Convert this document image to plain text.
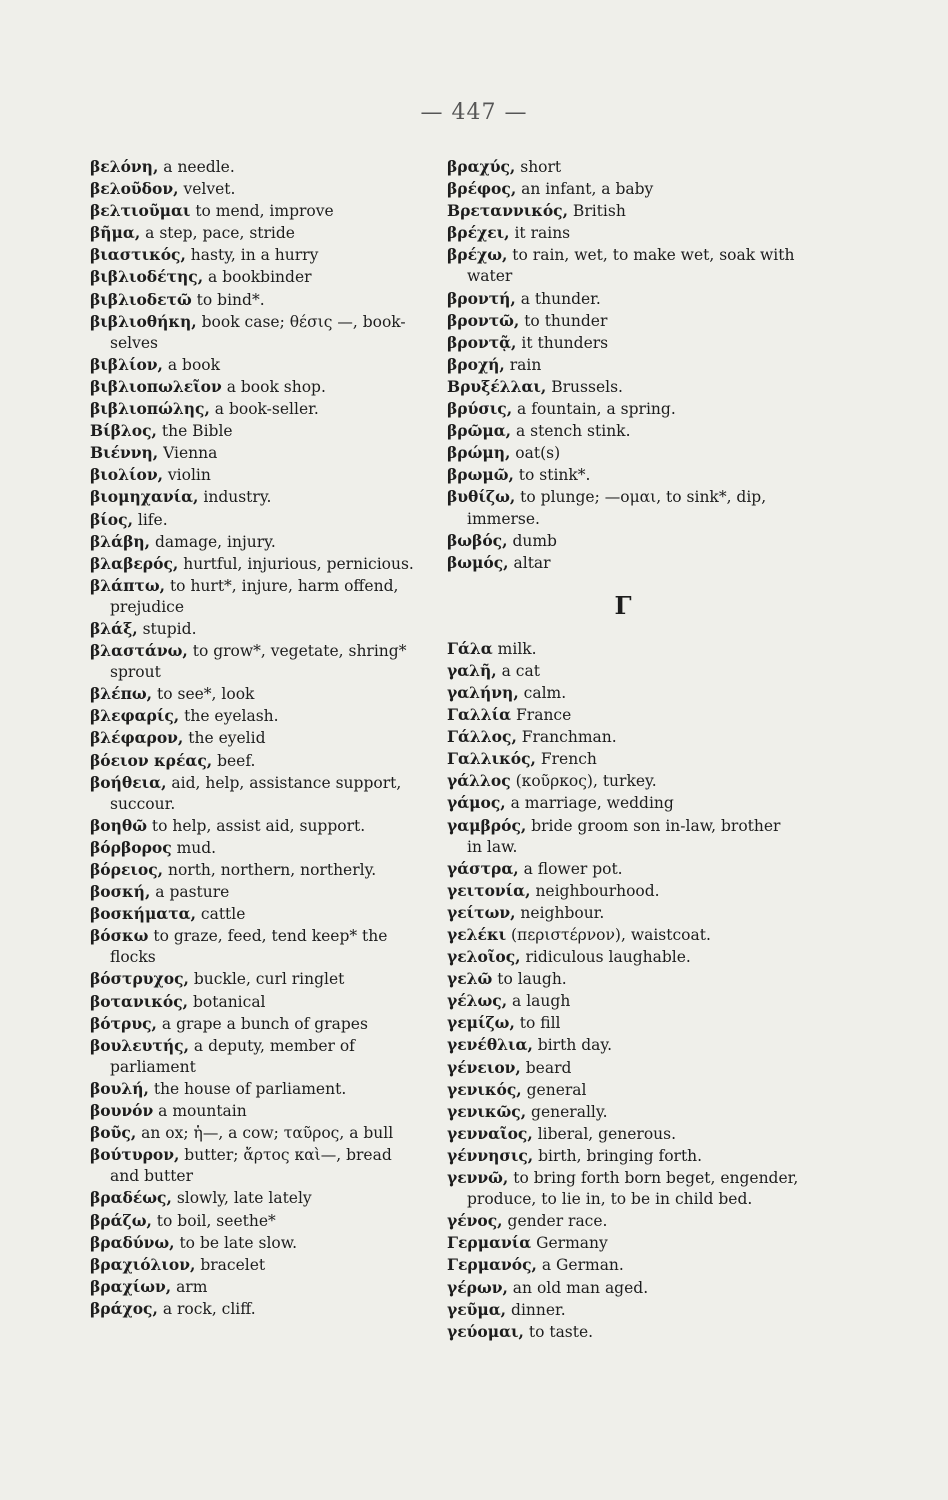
— 447 —
βελόνη, a needle.
βελοῦδον, velvet.
βελτιοῦμαι to mend, improve
βῆμα, a step, pace, stride
βιαστικός, hasty, in a hurry
βιβλιοδέτης, a bookbinder
βιβλιοδετῶ to bind*.
βιβλιοθήκη, book case; θέσις —, book-selves
βιβλίον, a book
βιβλιοπωλεῖον a book shop.
βιβλιοπώλης, a book-seller.
Βίβλος, the Bible
Βιέννη, Vienna
βιολίον, violin
βιομηχανία, industry.
βίος, life.
βλάβη, damage, injury.
βλαβερός, hurtful, injurious, pernicious.
βλάπτω, to hurt*, injure, harm offend, prejudice
βλάξ, stupid.
βλαστάνω, to grow*, vegetate, shring* sprout
βλέπω, to see*, look
βλεφαρίς, the eyelash.
βλέφαρον, the eyelid
βόειον κρέας, beef.
βοήθεια, aid, help, assistance support, succour.
βοηθῶ to help, assist aid, support.
βόρβορος mud.
βόρειος, north, northern, northerly.
βοσκή, a pasture
βοσκήματα, cattle
βόσκω to graze, feed, tend keep* the flocks
βόστρυχος, buckle, curl ringlet
βοτανικός, botanical
βότρυς, a grape a bunch of grapes
βουλευτής, a deputy, member of parliament
βουλή, the house of parliament.
βουνόν a mountain
βοῦς, an ox; ἡ—, a cow; ταῦρος, a bull
βούτυρον, butter; ἄρτος καὶ—, bread and butter
βραδέως, slowly, late lately
βράζω, to boil, seethe*
βραδύνω, to be late slow.
βραχιόλιον, bracelet
βραχίων, arm
βράχος, a rock, cliff.
βραχύς, short
βρέφος, an infant, a baby
Βρεταννικός, British
βρέχει, it rains
βρέχω, to rain, wet, to make wet, soak with water
βροντή, a thunder.
βροντῶ, to thunder
βροντᾷ, it thunders
βροχή, rain
Βρυξέλλαι, Brussels.
βρύσις, a fountain, a spring.
βρῶμα, a stench stink.
βρώμη, oat(s)
βρωμῶ, to stink*.
βυθίζω, to plunge; —ομαι, to sink*, dip, immerse.
βωβός, dumb
βωμός, altar
Γ
Γάλα milk.
γαλῆ, a cat
γαλήνη, calm.
Γαλλία France
Γάλλος, Franchman.
Γαλλικός, French
γάλλος (κοῦρκος), turkey.
γάμος, a marriage, wedding
γαμβρός, bride groom son in-law, brother in law.
γάστρα, a flower pot.
γειτονία, neighbourhood.
γείτων, neighbour.
γελέκι (περιστέρνον), waistcoat.
γελοῖος, ridiculous laughable.
γελῶ to laugh.
γέλως, a laugh
γεμίζω, to fill
γενέθλια, birth day.
γένειον, beard
γενικός, general
γενικῶς, generally.
γενναῖος, liberal, generous.
γέννησις, birth, bringing forth.
γεννῶ, to bring forth born beget, engender, produce, to lie in, to be in child bed.
γένος, gender race.
Γερμανία Germany
Γερμανός, a German.
γέρων, an old man aged.
γεῦμα, dinner.
γεύομαι, to taste.
